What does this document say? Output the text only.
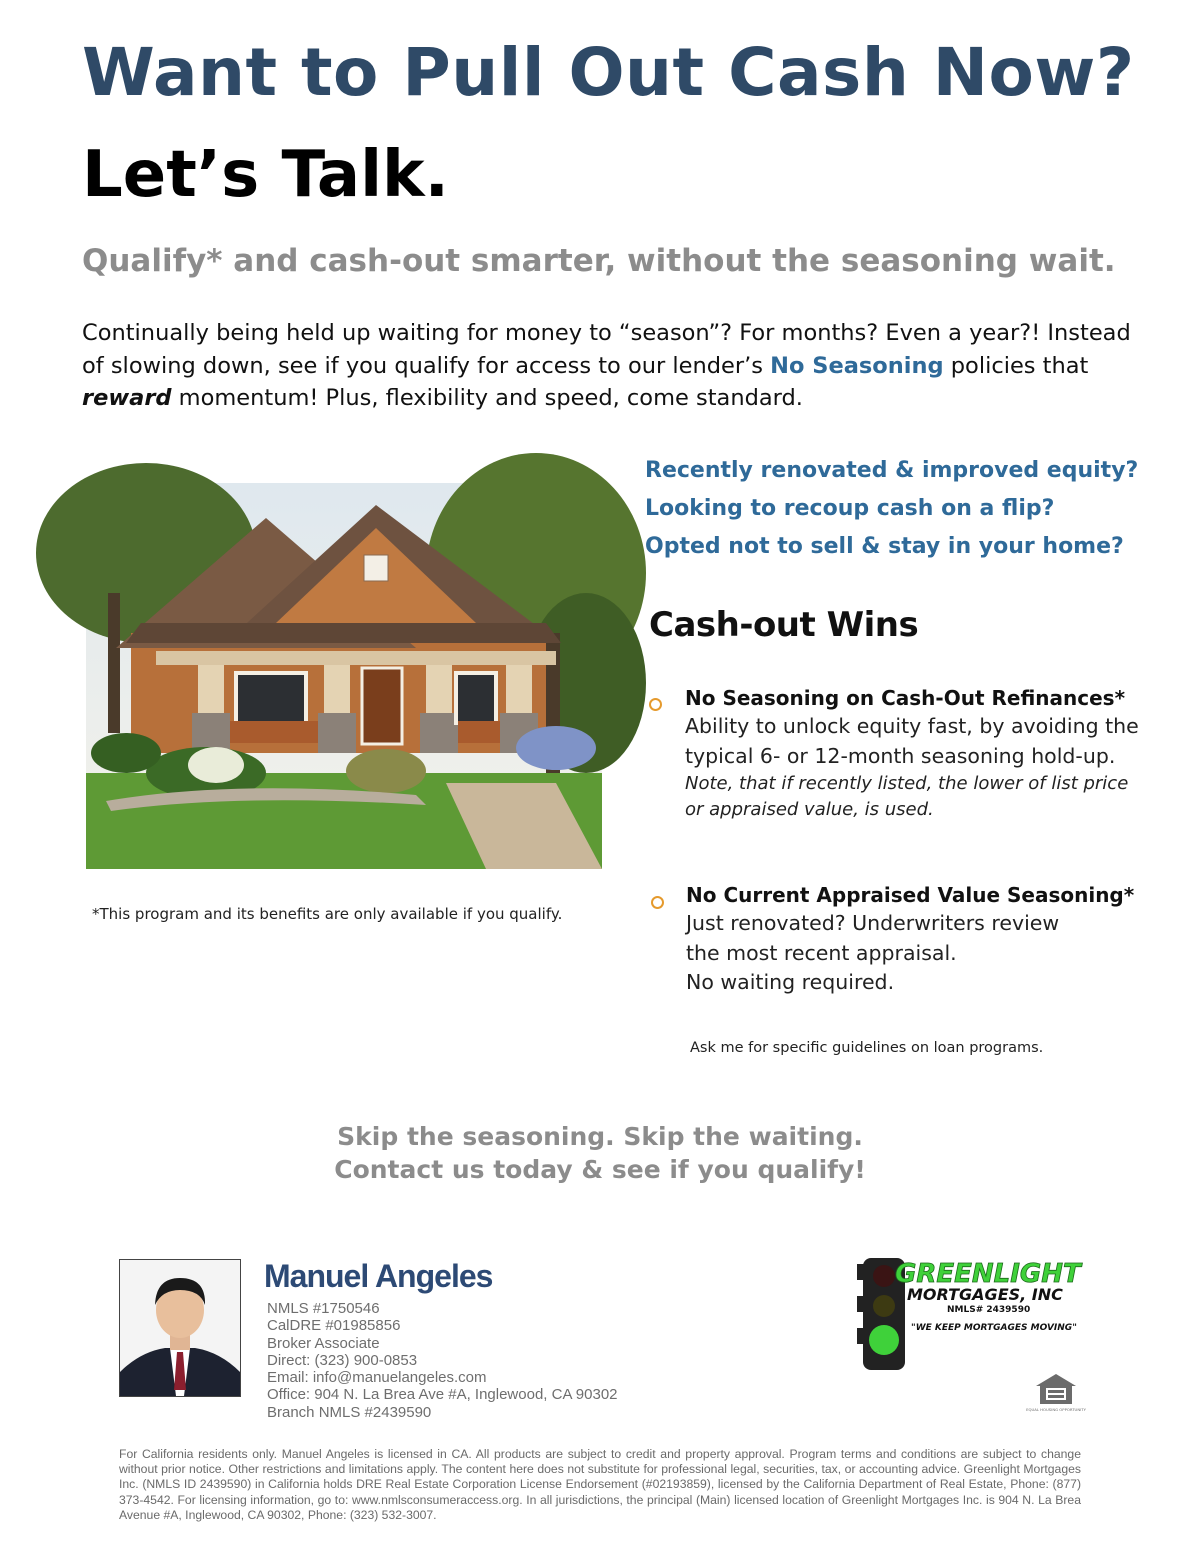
Want to Pull Out Cash Now?
Let’s Talk.
Qualify* and cash-out smarter, without the seasoning wait.
Continually being held up waiting for money to “season”? For months? Even a year?! Instead of slowing down, see if you qualify for access to our lender’s No Seasoning policies that reward momentum! Plus, flexibility and speed, come standard.
*This program and its benefits are only available if you qualify.
Recently renovated & improved equity?
Looking to recoup cash on a flip?
Opted not to sell & stay in your home?
Cash-out Wins
No Seasoning on Cash-Out Refinances*
Ability to unlock equity fast, by avoiding the typical 6- or 12-month seasoning hold-up.
Note, that if recently listed, the lower of list price or appraised value, is used.
No Current Appraised Value Seasoning*
Just renovated? Underwriters review
the most recent appraisal.
No waiting required.
Ask me for specific guidelines on loan programs.
Skip the seasoning. Skip the waiting.
Contact us today & see if you qualify!
Manuel Angeles
NMLS #1750546
CalDRE #01985856
Broker Associate
Direct: (323) 900-0853
Email: info@manuelangeles.com
Office: 904 N. La Brea Ave #A, Inglewood, CA 90302
Branch NMLS #2439590
GREENLIGHT
MORTGAGES, INC
NMLS# 2439590
"WE KEEP MORTGAGES MOVING"
EQUAL HOUSING OPPORTUNITY
For California residents only. Manuel Angeles is licensed in CA. All products are subject to credit and property approval. Program terms and conditions are subject to change without prior notice. Other restrictions and limitations apply. The content here does not substitute for professional legal, securities, tax, or accounting advice. Greenlight Mortgages Inc. (NMLS ID 2439590) in California holds DRE Real Estate Corporation License Endorsement (#02193859), licensed by the California Department of Real Estate, Phone: (877) 373-4542. For licensing information, go to: www.nmlsconsumeraccess.org. In all jurisdictions, the principal (Main) licensed location of Greenlight Mortgages Inc. is 904 N. La Brea Avenue #A, Inglewood, CA 90302, Phone: (323) 532-3007.
